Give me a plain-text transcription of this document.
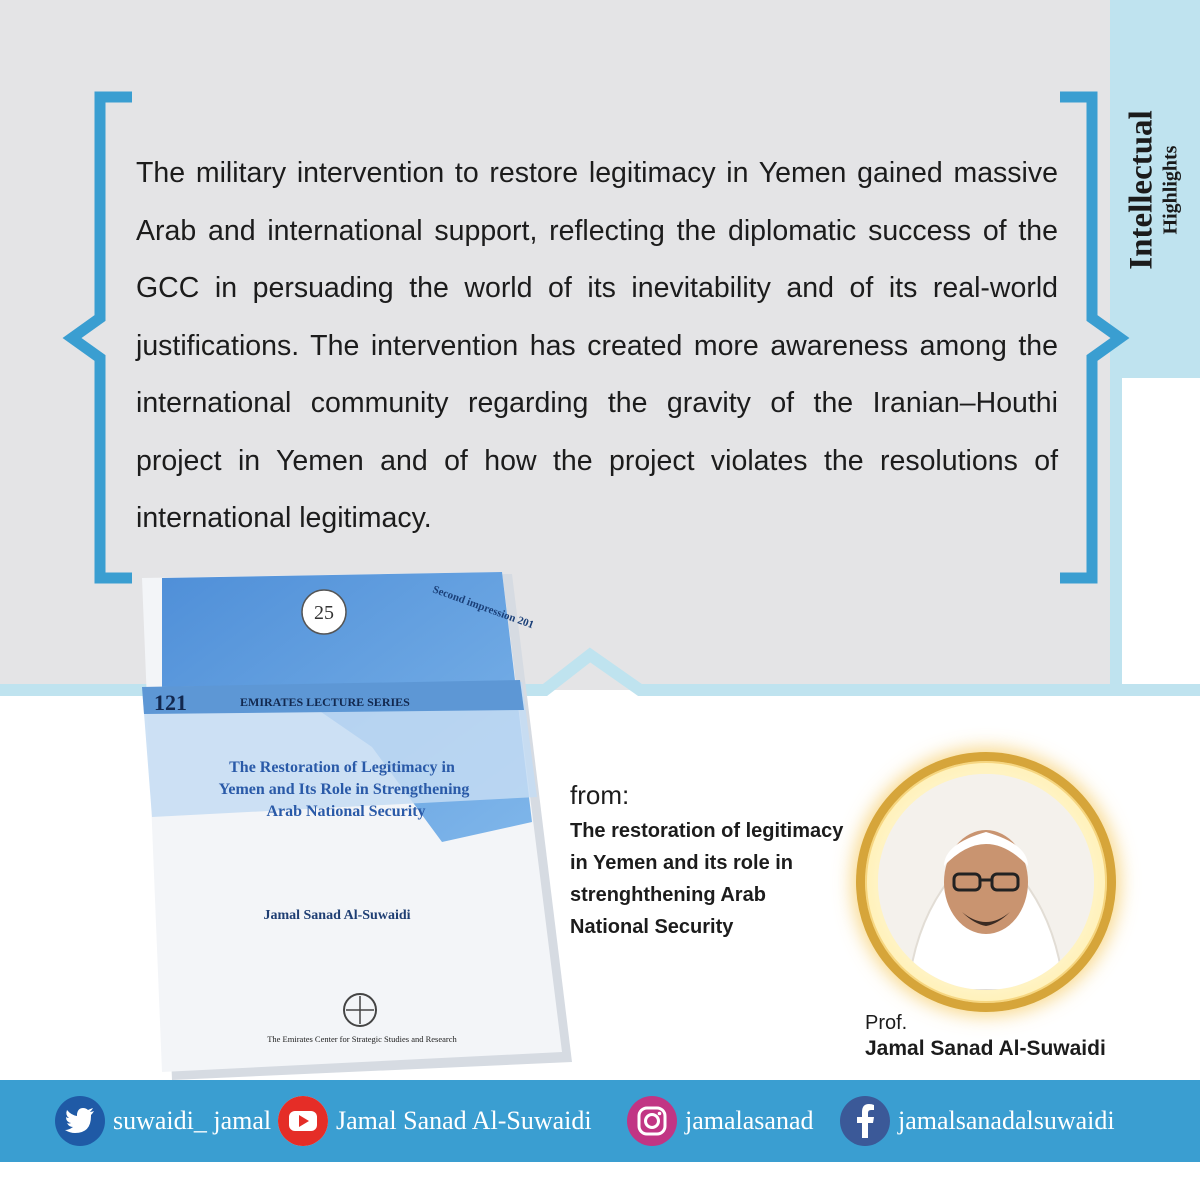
Intellectual Highlights

The military intervention to restore legitimacy in Yemen gained massive Arab and international support, reflecting the diplomatic success of the GCC in persuading the world of its inevitability and of its real-world justifications. The intervention has created more awareness among the international community regarding the gravity of the Iranian–Houthi project in Yemen and of how the project violates the resolutions of international legitimacy.

25	Second impression 201
121	EMIRATES LECTURE SERIES
The Restoration of Legitimacy in
Yemen and Its Role in Strengthening
Arab National Security
Jamal Sanad Al-Suwaidi
The Emirates Center for Strategic Studies and Research
from:
The restoration of legitimacy in Yemen and its role in strenghthening Arab National Security
Prof.
Jamal Sanad Al-Suwaidi
suwaidi_ jamal Jamal Sanad Al-Suwaidi	jamalasanad	jamalsanadalsuwaidi
